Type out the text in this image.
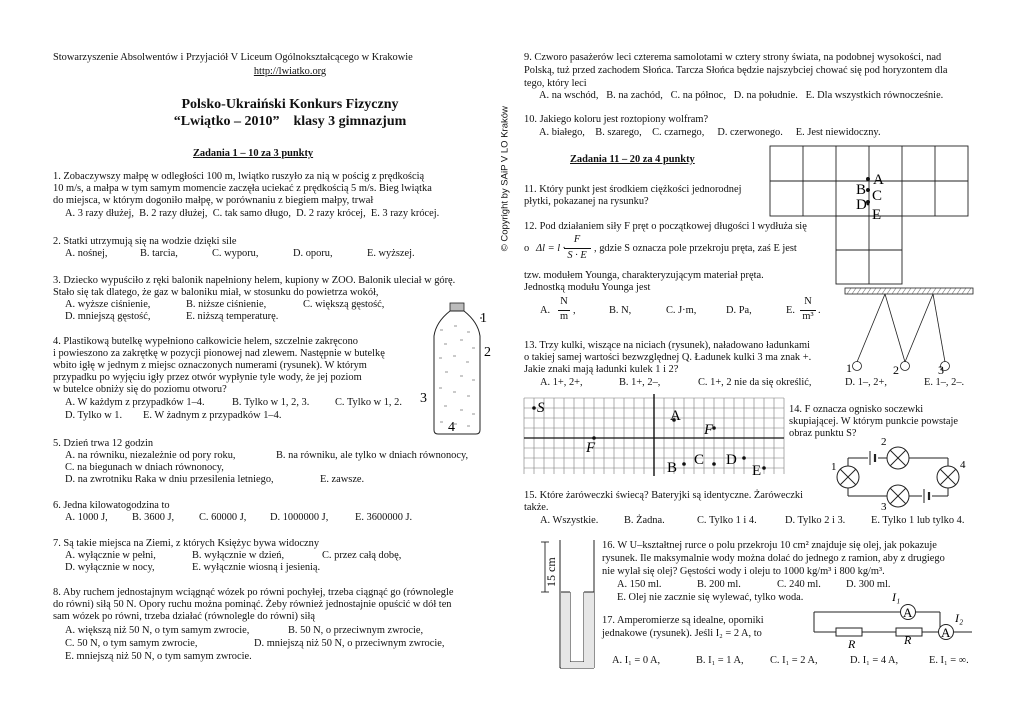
Stowarzyszenie Absolwentów i Przyjaciół V Liceum Ogólnokształcącego w Krakowie
http://lwiatko.org
Polsko-Ukraiński Konkurs Fizyczny
“Lwiątko – 2010”    klasy 3 gimnazjum	© Copyright by SAiP V LO Kraków
Zadania 1 – 10 za 3 punkty
1. Zobaczywszy małpę w odległości 100 m, lwiątko ruszyło za nią w pościg z prędkością
10 m/s, a małpa w tym samym momencie zaczęła uciekać z prędkością 5 m/s. Bieg lwiątka
do miejsca, w którym dogoniło małpę, w porównaniu z biegiem małpy, trwał
A. 3 razy dłużej,  B. 2 razy dłużej,  C. tak samo długo,  D. 2 razy krócej,  E. 3 razy krócej.
2. Statki utrzymują się na wodzie dzięki sile
A. nośnej,	B. tarcia,	C. wyporu,	D. oporu,	E. wyższej.
3. Dziecko wypuściło z ręki balonik napełniony helem, kupiony w ZOO. Balonik uleciał w górę.
Stało się tak dlatego, że gaz w baloniku miał, w stosunku do powietrza wokół,
A. wyższe ciśnienie,	B. niższe ciśnienie,	C. większą gęstość,
D. mniejszą gęstość,	E. niższą temperaturę.
4. Plastikową butelkę wypełniono całkowicie helem, szczelnie zakręcono
i powieszono za zakrętkę w pozycji pionowej nad zlewem. Następnie w butelkę
wbito igłę w jednym z miejsc oznaczonych numerami (rysunek). W którym
przypadku po wyjęciu igły przez otwór wypłynie tyle wody, że jej poziom
w butelce obniży się do poziomu otworu?
A. W każdym z przypadków 1–4.	B. Tylko w 1, 2, 3. C. Tylko w 1, 2.
D. Tylko w 1. E. W żadnym z przypadków 1–4.
1
2
3
4
5. Dzień trwa 12 godzin
A. na równiku, niezależnie od pory roku,	B. na równiku, ale tylko w dniach równonocy,
C. na biegunach w dniach równonocy,
D. na zwrotniku Raka w dniu przesilenia letniego,	E. zawsze.
6. Jedna kilowatogodzina to
A. 1000 J, B. 3600 J, C. 60000 J, D. 1000000 J,	E. 3600000 J.
7. Są takie miejsca na Ziemi, z których Księżyc bywa widoczny
A. wyłącznie w pełni,	B. wyłącznie w dzień,	C. przez całą dobę,
D. wyłącznie w nocy,	E. wyłącznie wiosną i jesienią.
8. Aby ruchem jednostajnym wciągnąć wózek po równi pochyłej, trzeba ciągnąć go (równolegle
do równi) siłą 50 N. Opory ruchu można pominąć. Żeby również jednostajnie opuścić w dół ten
sam wózek po równi, trzeba działać (równolegle do równi) siłą
A. większą niż 50 N, o tym samym zwrocie,	B. 50 N, o przeciwnym zwrocie,
C. 50 N, o tym samym zwrocie,	D. mniejszą niż 50 N, o przeciwnym zwrocie,
E. mniejszą niż 50 N, o tym samym zwrocie.
9. Czworo pasażerów leci czterema samolotami w cztery strony świata, na podobnej wysokości, nad
Polską, tuż przed zachodem Słońca. Tarcza Słońca będzie najszybciej chować się pod horyzontem dla
tego, który leci
A. na wschód,   B. na zachód,   C. na północ,   D. na południe.   E. Dla wszystkich równocześnie.
10. Jakiego koloru jest roztopiony wolfram?
A. białego,    B. szarego,    C. czarnego,     D. czerwonego.     E. Jest niewidoczny.
Zadania 11 – 20 za 4 punkty
11. Który punkt jest środkiem ciężkości jednorodnej
płytki, pokazanej na rysunku?
A
B C
D
E
12. Pod działaniem siły F pręt o początkowej długości l wydłuża się
o Δl = l ·
F
S · E
, gdzie S oznacza pole przekroju pręta, zaś E jest
tzw. modułem Younga, charakteryzującym materiał pręta.
Jednostką modułu Younga jest
A.
N
m
,	B. N,	C. J·m,	D. Pa,	E.
N
m³
.
13. Trzy kulki, wiszące na niciach (rysunek), naładowano ładunkami
o takiej samej wartości bezwzględnej Q. Ładunek kulki 3 ma znak +.
Jakie znaki mają ładunki kulek 1 i 2?
A. 1+, 2+,	B. 1+, 2–,	C. 1+, 2 nie da się określić,	D. 1–, 2+,	E. 1–, 2–.
1	2	3
S
F
F
A
B C D
E
14. F oznacza ognisko soczewki
skupiającej. W którym punkcie powstaje
obraz punktu S?
1
2
3
4
15. Które żaróweczki świecą? Bateryjki są identyczne. Żaróweczki
także.
A. Wszystkie. B. Żadna.	C. Tylko 1 i 4.	D. Tylko 2 i 3. E. Tylko 1 lub tylko 4.
15 cm
16. W U–kształtnej rurce o polu przekroju 10 cm² znajduje się olej, jak pokazuje
rysunek. Ile maksymalnie wody można dolać do jednego z ramion, aby z drugiego
nie wylał się olej? Gęstości wody i oleju to 1000 kg/m³ i 800 kg/m³.
A. 150 ml.	B. 200 ml.	C. 240 ml. D. 300 ml.
E. Olej nie zacznie się wylewać, tylko woda.
A
A
I₁
I₂
R	R
17. Amperomierze są idealne, oporniki
jednakowe (rysunek). Jeśli I₂ = 2 A, to
A. I₁ = 0 A,	B. I₁ = 1 A,	C. I₁ = 2 A,	D. I₁ = 4 A,	E. I₁ = ∞.
